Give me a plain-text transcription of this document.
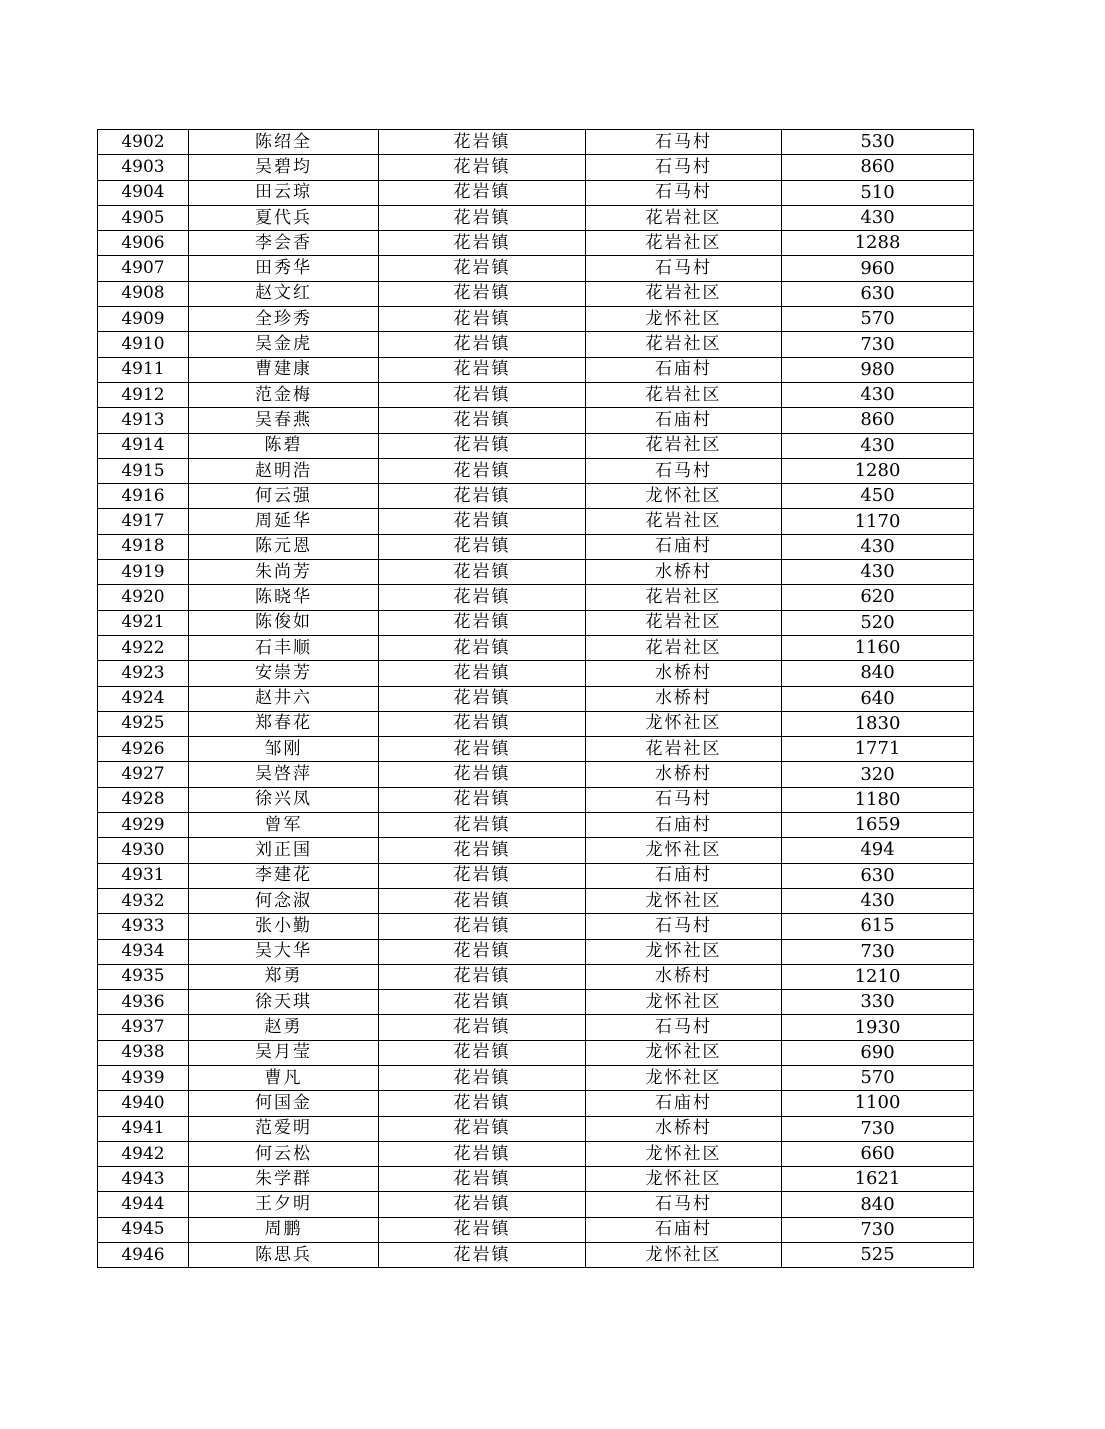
4902	陈绍全	花岩镇	石马村	530
4903	吴碧均	花岩镇	石马村	860
4904	田云琼	花岩镇	石马村	510
4905	夏代兵	花岩镇	花岩社区	430
4906	李会香	花岩镇	花岩社区	1288
4907	田秀华	花岩镇	石马村	960
4908	赵文红	花岩镇	花岩社区	630
4909	全珍秀	花岩镇	龙怀社区	570
4910	吴金虎	花岩镇	花岩社区	730
4911	曹建康	花岩镇	石庙村	980
4912	范金梅	花岩镇	花岩社区	430
4913	吴春燕	花岩镇	石庙村	860
4914	陈碧	花岩镇	花岩社区	430
4915	赵明浩	花岩镇	石马村	1280
4916	何云强	花岩镇	龙怀社区	450
4917	周延华	花岩镇	花岩社区	1170
4918	陈元恩	花岩镇	石庙村	430
4919	朱尚芳	花岩镇	水桥村	430
4920	陈晓华	花岩镇	花岩社区	620
4921	陈俊如	花岩镇	花岩社区	520
4922	石丰顺	花岩镇	花岩社区	1160
4923	安崇芳	花岩镇	水桥村	840
4924	赵井六	花岩镇	水桥村	640
4925	郑春花	花岩镇	龙怀社区	1830
4926	邹刚	花岩镇	花岩社区	1771
4927	吴啓萍	花岩镇	水桥村	320
4928	徐兴凤	花岩镇	石马村	1180
4929	曾军	花岩镇	石庙村	1659
4930	刘正国	花岩镇	龙怀社区	494
4931	李建花	花岩镇	石庙村	630
4932	何念淑	花岩镇	龙怀社区	430
4933	张小勤	花岩镇	石马村	615
4934	吴大华	花岩镇	龙怀社区	730
4935	郑勇	花岩镇	水桥村	1210
4936	徐天琪	花岩镇	龙怀社区	330
4937	赵勇	花岩镇	石马村	1930
4938	吴月莹	花岩镇	龙怀社区	690
4939	曹凡	花岩镇	龙怀社区	570
4940	何国金	花岩镇	石庙村	1100
4941	范爱明	花岩镇	水桥村	730
4942	何云松	花岩镇	龙怀社区	660
4943	朱学群	花岩镇	龙怀社区	1621
4944	王夕明	花岩镇	石马村	840
4945	周鹏	花岩镇	石庙村	730
4946	陈思兵	花岩镇	龙怀社区	525
